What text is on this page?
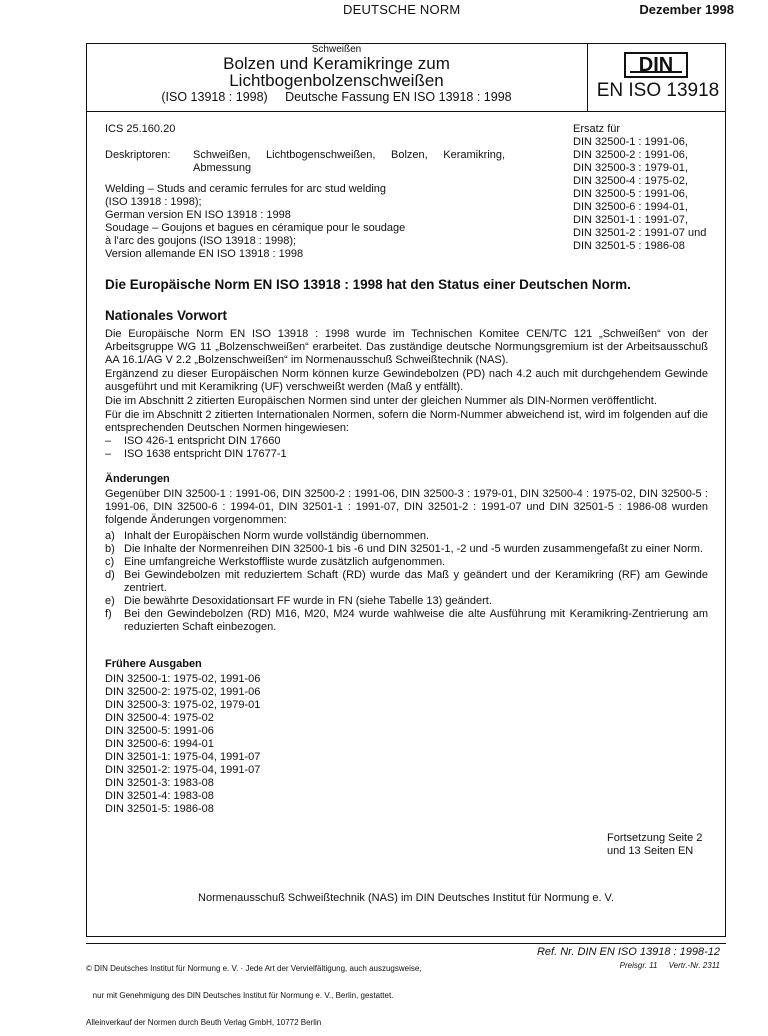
DEUTSCHE NORM	Dezember 1998
Schweißen
Bolzen und Keramikringe zum
Lichtbogenbolzenschweißen
(ISO 13918 : 1998)     Deutsche Fassung EN ISO 13918 : 1998
DIN
EN ISO 13918
ICS 25.160.20
Deskriptoren: Schweißen, Lichtbogenschweißen, Bolzen, Keramikring,
Abmessung
Ersatz für
DIN 32500-1 : 1991-06,
DIN 32500-2 : 1991-06,
DIN 32500-3 : 1979-01,
DIN 32500-4 : 1975-02,
DIN 32500-5 : 1991-06,
DIN 32500-6 : 1994-01,
DIN 32501-1 : 1991-07,
DIN 32501-2 : 1991-07 und
DIN 32501-5 : 1986-08
Welding – Studs and ceramic ferrules for arc stud welding
(ISO 13918 : 1998);
German version EN ISO 13918 : 1998
Soudage – Goujons et bagues en céramique pour le soudage
à l'arc des goujons (ISO 13918 : 1998);
Version allemande EN ISO 13918 : 1998
Die Europäische Norm EN ISO 13918 : 1998 hat den Status einer Deutschen Norm.
Nationales Vorwort
Die Europäische Norm EN ISO 13918 : 1998 wurde im Technischen Komitee CEN/TC 121 „Schweißen“ von der Arbeitsgruppe WG 11 „Bolzenschweißen“ erarbeitet. Das zuständige deutsche Normungsgremium ist der Arbeitsausschuß AA 16.1/AG V 2.2 „Bolzenschweißen“ im Normenausschuß Schweißtechnik (NAS).
Ergänzend zu dieser Europäischen Norm können kurze Gewindebolzen (PD) nach 4.2 auch mit durchgehendem Gewinde ausgeführt und mit Keramikring (UF) verschweißt werden (Maß y entfällt).
Die im Abschnitt 2 zitierten Europäischen Normen sind unter der gleichen Nummer als DIN-Normen veröffentlicht.
Für die im Abschnitt 2 zitierten Internationalen Normen, sofern die Norm-Nummer abweichend ist, wird im folgenden auf die entsprechenden Deutschen Normen hingewiesen:
– ISO 426-1 entspricht DIN 17660
– ISO 1638 entspricht DIN 17677-1
Änderungen
Gegenüber DIN 32500-1 : 1991-06, DIN 32500-2 : 1991-06, DIN 32500-3 : 1979-01, DIN 32500-4 : 1975-02, DIN 32500-5 : 1991-06, DIN 32500-6 : 1994-01, DIN 32501-1 : 1991-07, DIN 32501-2 : 1991-07 und DIN 32501-5 : 1986-08 wurden folgende Änderungen vorgenommen:
a) Inhalt der Europäischen Norm wurde vollständig übernommen.
b) Die Inhalte der Normenreihen DIN 32500-1 bis -6 und DIN 32501-1, -2 und -5 wurden zusammengefaßt zu einer Norm.
c) Eine umfangreiche Werkstoffliste wurde zusätzlich aufgenommen.
d) Bei Gewindebolzen mit reduziertem Schaft (RD) wurde das Maß y geändert und der Keramikring (RF) am Gewinde zentriert.
e) Die bewährte Desoxidationsart FF wurde in FN (siehe Tabelle 13) geändert.
f) Bei den Gewindebolzen (RD) M16, M20, M24 wurde wahlweise die alte Ausführung mit Keramikring-Zentrierung am reduzierten Schaft einbezogen.
Frühere Ausgaben
DIN 32500-1: 1975-02, 1991-06
DIN 32500-2: 1975-02, 1991-06
DIN 32500-3: 1975-02, 1979-01
DIN 32500-4: 1975-02
DIN 32500-5: 1991-06
DIN 32500-6: 1994-01
DIN 32501-1: 1975-04, 1991-07
DIN 32501-2: 1975-04, 1991-07
DIN 32501-3: 1983-08
DIN 32501-4: 1983-08
DIN 32501-5: 1986-08
Fortsetzung Seite 2
und 13 Seiten EN
Normenausschuß Schweißtechnik (NAS) im DIN Deutsches Institut für Normung e. V.

© DIN Deutsches Institut für Normung e. V. · Jede Art der Vervielfältigung, auch auszugsweise,

nur mit Genehmigung des DIN Deutsches Institut für Normung e. V., Berlin, gestattet.

Alleinverkauf der Normen durch Beuth Verlag GmbH, 10772 Berlin

Ref. Nr. DIN EN ISO 13918 : 1998-12
Preisgr. 11     Vertr.-Nr. 2311
